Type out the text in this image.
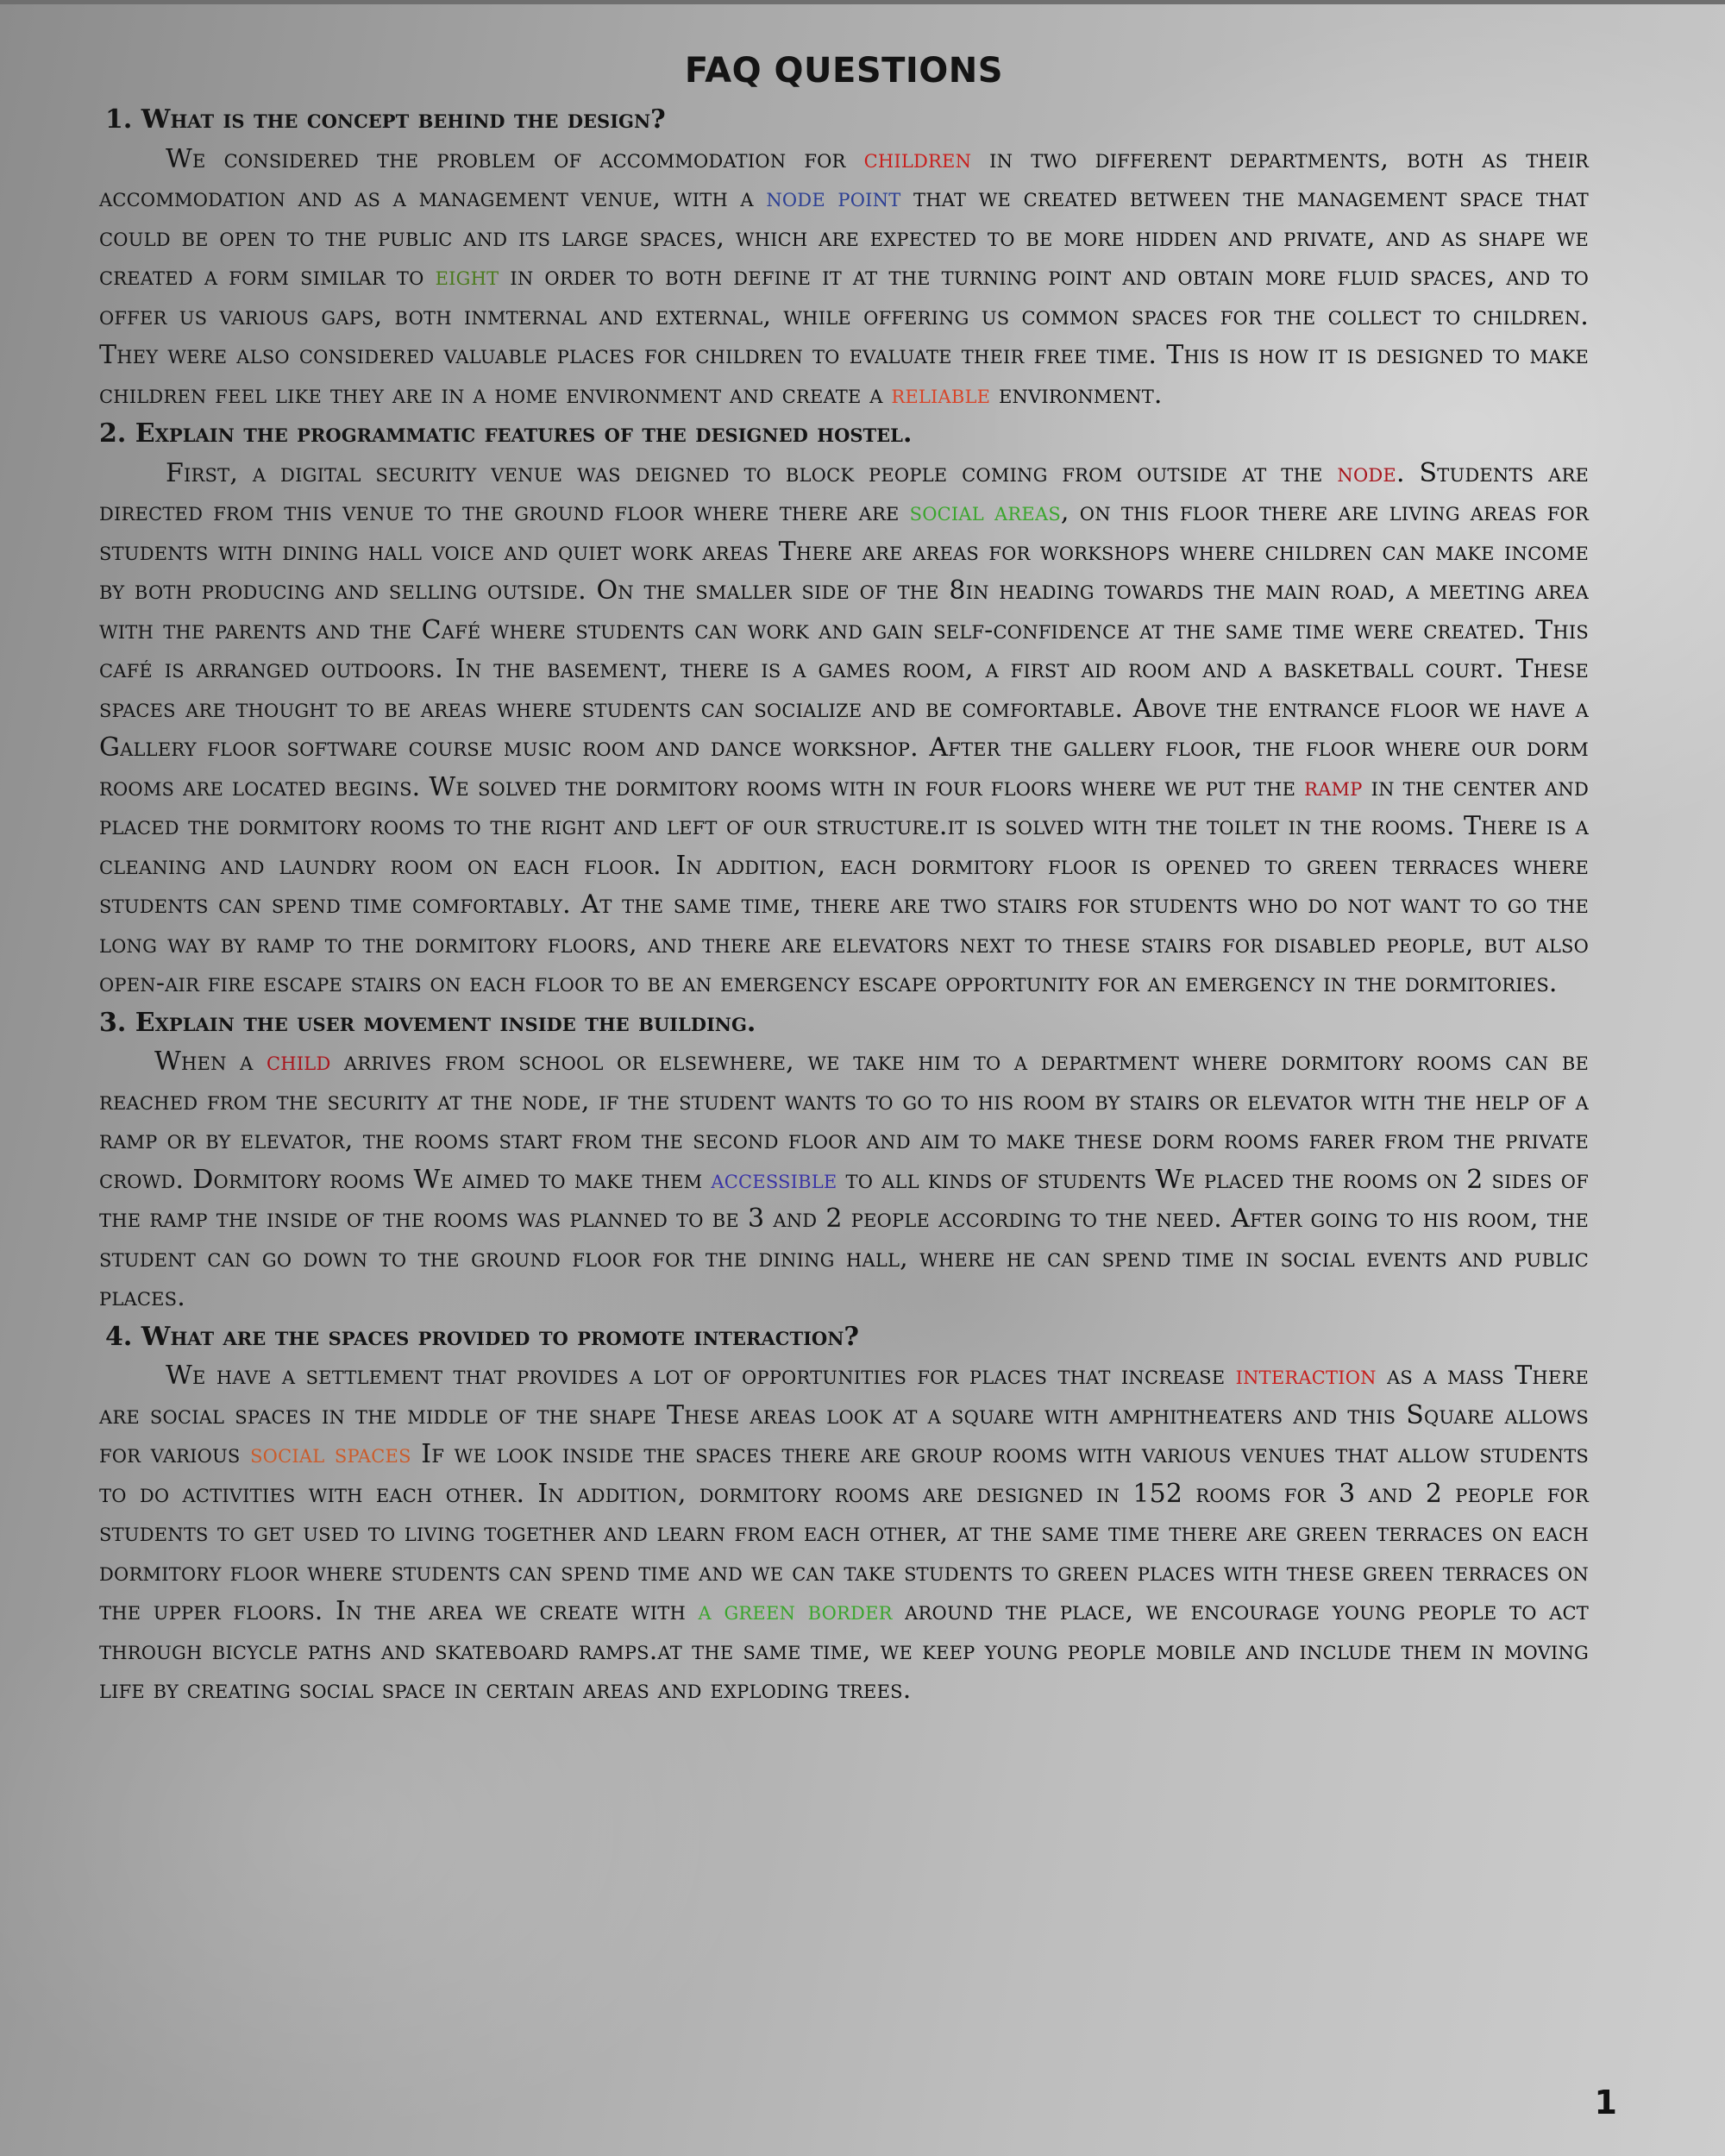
FAQ QUESTIONS
1. What is the concept behind the design?

We considered the problem of accommodation for children in two different departments, both as their accommodation and as a management venue, with a node point that we created between the management space that could be open to the public and its large spaces, which are expected to be more hidden and private, and as shape we created a form similar to eight in order to both define it at the turning point and obtain more fluid spaces, and to offer us various gaps, both inmternal and external, while offering us common spaces for the collect to children. They were also considered valuable places for children to evaluate their free time. This is how it is designed to make children feel like they are in a home environment and create a reliable environment.

2. Explain the programmatic features of the designed hostel.

First, a digital security venue was deigned to block people coming from outside at the node. Students are directed from this venue to the ground floor where there are social areas, on this floor there are living areas for students with dining hall voice and quiet work areas There are areas for workshops where children can make income by both producing and selling outside. On the smaller side of the 8in heading towards the main road, a meeting area with the parents and the Café where students can work and gain self-confidence at the same time were created. This café is arranged outdoors. In the basement, there is a games room, a first aid room and a basketball court. These spaces are thought to be areas where students can socialize and be comfortable. Above the entrance floor we have a Gallery floor software course music room and dance workshop. After the gallery floor, the floor where our dorm rooms are located begins. We solved the dormitory rooms with in four floors where we put the ramp in the center and placed the dormitory rooms to the right and left of our structure.it is solved with the toilet in the rooms. There is a cleaning and laundry room on each floor. In addition, each dormitory floor is opened to green terraces where students can spend time comfortably. At the same time, there are two stairs for students who do not want to go the long way by ramp to the dormitory floors, and there are elevators next to these stairs for disabled people, but also open-air fire escape stairs on each floor to be an emergency escape opportunity for an emergency in the dormitories.

3. Explain the user movement inside the building.

When a child arrives from school or elsewhere, we take him to a department where dormitory rooms can be reached from the security at the node, if the student wants to go to his room by stairs or elevator with the help of a ramp or by elevator, the rooms start from the second floor and aim to make these dorm rooms farer from the private crowd. Dormitory rooms We aimed to make them accessible to all kinds of students We placed the rooms on 2 sides of the ramp the inside of the rooms was planned to be 3 and 2 people according to the need. After going to his room, the student can go down to the ground floor for the dining hall, where he can spend time in social events and public places.

4. What are the spaces provided to promote interaction?

We have a settlement that provides a lot of opportunities for places that increase interaction as a mass There are social spaces in the middle of the shape These areas look at a square with amphitheaters and this Square allows for various social spaces If we look inside the spaces there are group rooms with various venues that allow students to do activities with each other. In addition, dormitory rooms are designed in 152 rooms for 3 and 2 people for students to get used to living together and learn from each other, at the same time there are green terraces on each dormitory floor where students can spend time and we can take students to green places with these green terraces on the upper floors. In the area we create with a green border around the place, we encourage young people to act through bicycle paths and skateboard ramps.at the same time, we keep young people mobile and include them in moving life by creating social space in certain areas and exploding trees.

1
